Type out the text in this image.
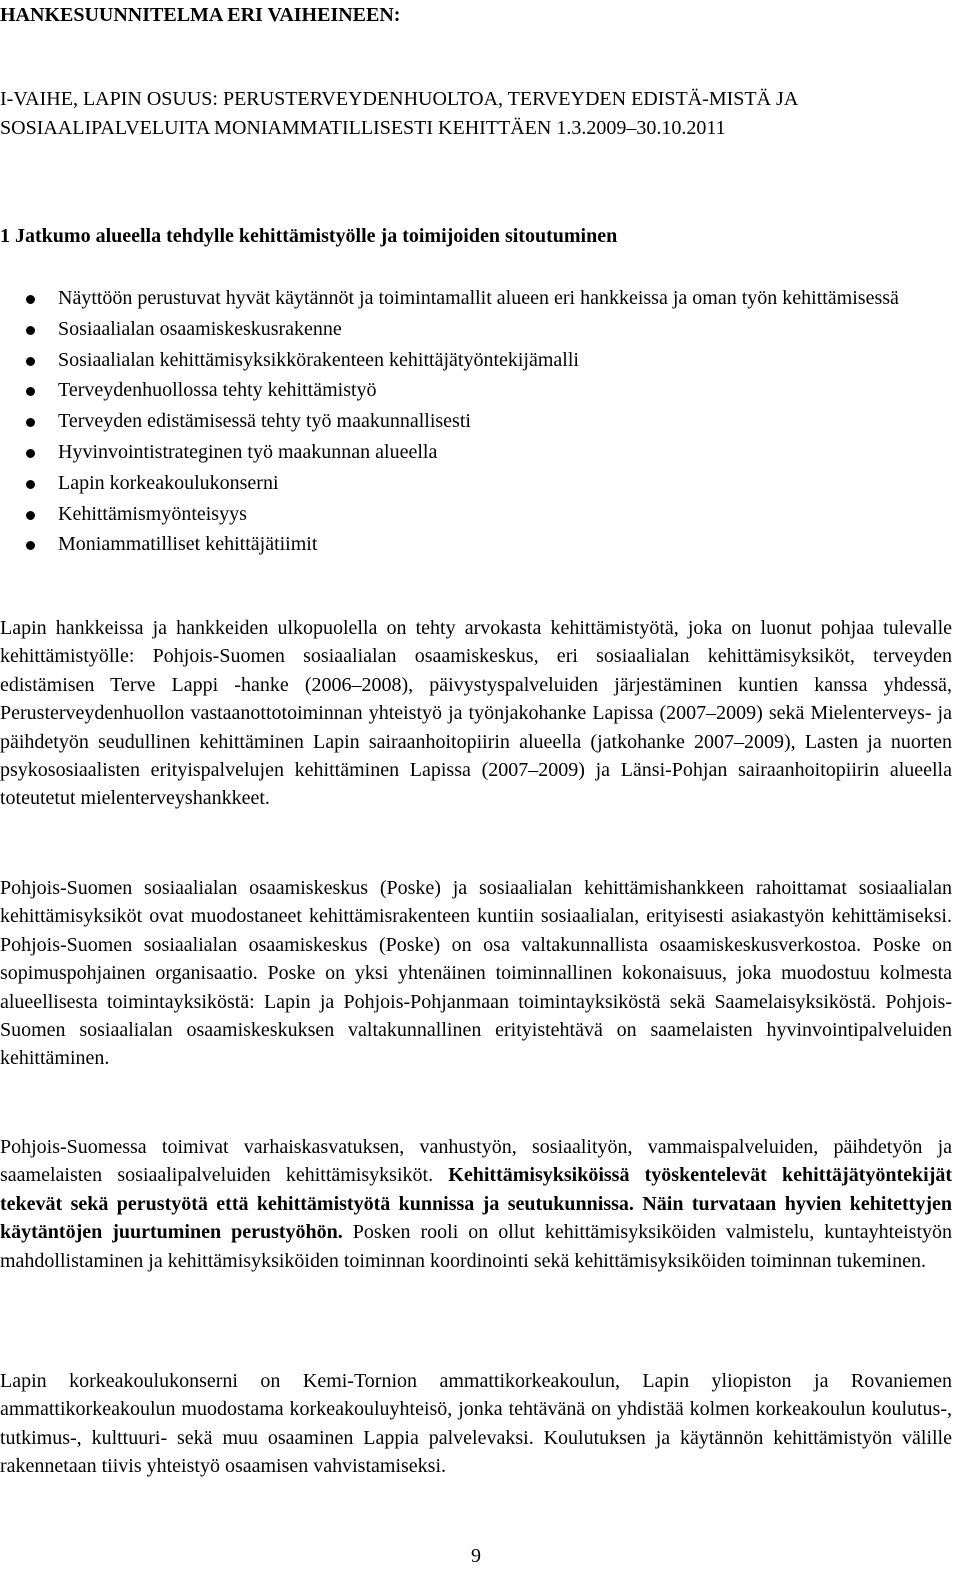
HANKESUUNNITELMA ERI VAIHEINEEN:
I-VAIHE, LAPIN OSUUS: PERUSTERVEYDENHUOLTOA, TERVEYDEN EDISTÄ-MISTÄ JA SOSIAALIPALVELUITA MONIAMMATILLISESTI KEHITTÄEN 1.3.2009–30.10.2011
1 Jatkumo alueella tehdylle kehittämistyölle ja toimijoiden sitoutuminen
Näyttöön perustuvat hyvät käytännöt ja toimintamallit alueen eri hankkeissa ja oman työn kehittämisessä
Sosiaalialan osaamiskeskusrakenne
Sosiaalialan kehittämisyksikkörakenteen kehittäjätyöntekijämalli
Terveydenhuollossa tehty kehittämistyö
Terveyden edistämisessä tehty työ maakunnallisesti
Hyvinvointistrateginen työ maakunnan alueella
Lapin korkeakoulukonserni
Kehittämismyönteisyys
Moniammatilliset kehittäjätiimit

Lapin hankkeissa ja hankkeiden ulkopuolella on tehty arvokasta kehittämistyötä, joka on luonut pohjaa tulevalle kehittämistyölle: Pohjois-Suomen sosiaalialan osaamiskeskus, eri sosiaalialan kehittämisyksiköt, terveyden edistämisen Terve Lappi -hanke (2006–2008), päivystyspalveluiden järjestäminen kuntien kanssa yhdessä, Perusterveydenhuollon vastaanottotoiminnan yhteistyö ja työnjakohanke Lapissa (2007–2009) sekä Mielenterveys- ja päihdetyön seudullinen kehittäminen Lapin sairaanhoitopiirin alueella (jatkohanke 2007–2009), Lasten ja nuorten psykososiaalisten erityispalvelujen kehittäminen Lapissa (2007–2009) ja Länsi-Pohjan sairaanhoitopiirin alueella toteutetut mielenterveyshankkeet.

Pohjois-Suomen sosiaalialan osaamiskeskus (Poske) ja sosiaalialan kehittämishankkeen rahoittamat sosiaalialan kehittämisyksiköt ovat muodostaneet kehittämisrakenteen kuntiin sosiaalialan, erityisesti asiakastyön kehittämiseksi. Pohjois-Suomen sosiaalialan osaamiskeskus (Poske) on osa valtakunnallista osaamiskeskusverkostoa. Poske on sopimuspohjainen organisaatio. Poske on yksi yhtenäinen toiminnallinen kokonaisuus, joka muodostuu kolmesta alueellisesta toimintayksiköstä: Lapin ja Pohjois-Pohjanmaan toimintayksiköstä sekä Saamelaisyksiköstä. Pohjois-Suomen sosiaalialan osaamiskeskuksen valtakunnallinen erityistehtävä on saamelaisten hyvinvointipalveluiden kehittäminen.

Pohjois-Suomessa toimivat varhaiskasvatuksen, vanhustyön, sosiaalityön, vammaispalveluiden, päihdetyön ja saamelaisten sosiaalipalveluiden kehittämisyksiköt. Kehittämisyksiköissä työskentelevät kehittäjätyöntekijät tekevät sekä perustyötä että kehittämistyötä kunnissa ja seutukunnissa. Näin turvataan hyvien kehitettyjen käytäntöjen juurtuminen perustyöhön. Posken rooli on ollut kehittämisyksiköiden valmistelu, kuntayhteistyön mahdollistaminen ja kehittämisyksiköiden toiminnan koordinointi sekä kehittämisyksiköiden toiminnan tukeminen.

Lapin korkeakoulukonserni on Kemi-Tornion ammattikorkeakoulun, Lapin yliopiston ja Rovaniemen ammattikorkeakoulun muodostama korkeakouluyhteisö, jonka tehtävänä on yhdistää kolmen korkeakoulun koulutus-, tutkimus-, kulttuuri- sekä muu osaaminen Lappia palvelevaksi. Koulutuksen ja käytännön kehittämistyön välille rakennetaan tiivis yhteistyö osaamisen vahvistamiseksi.

9
